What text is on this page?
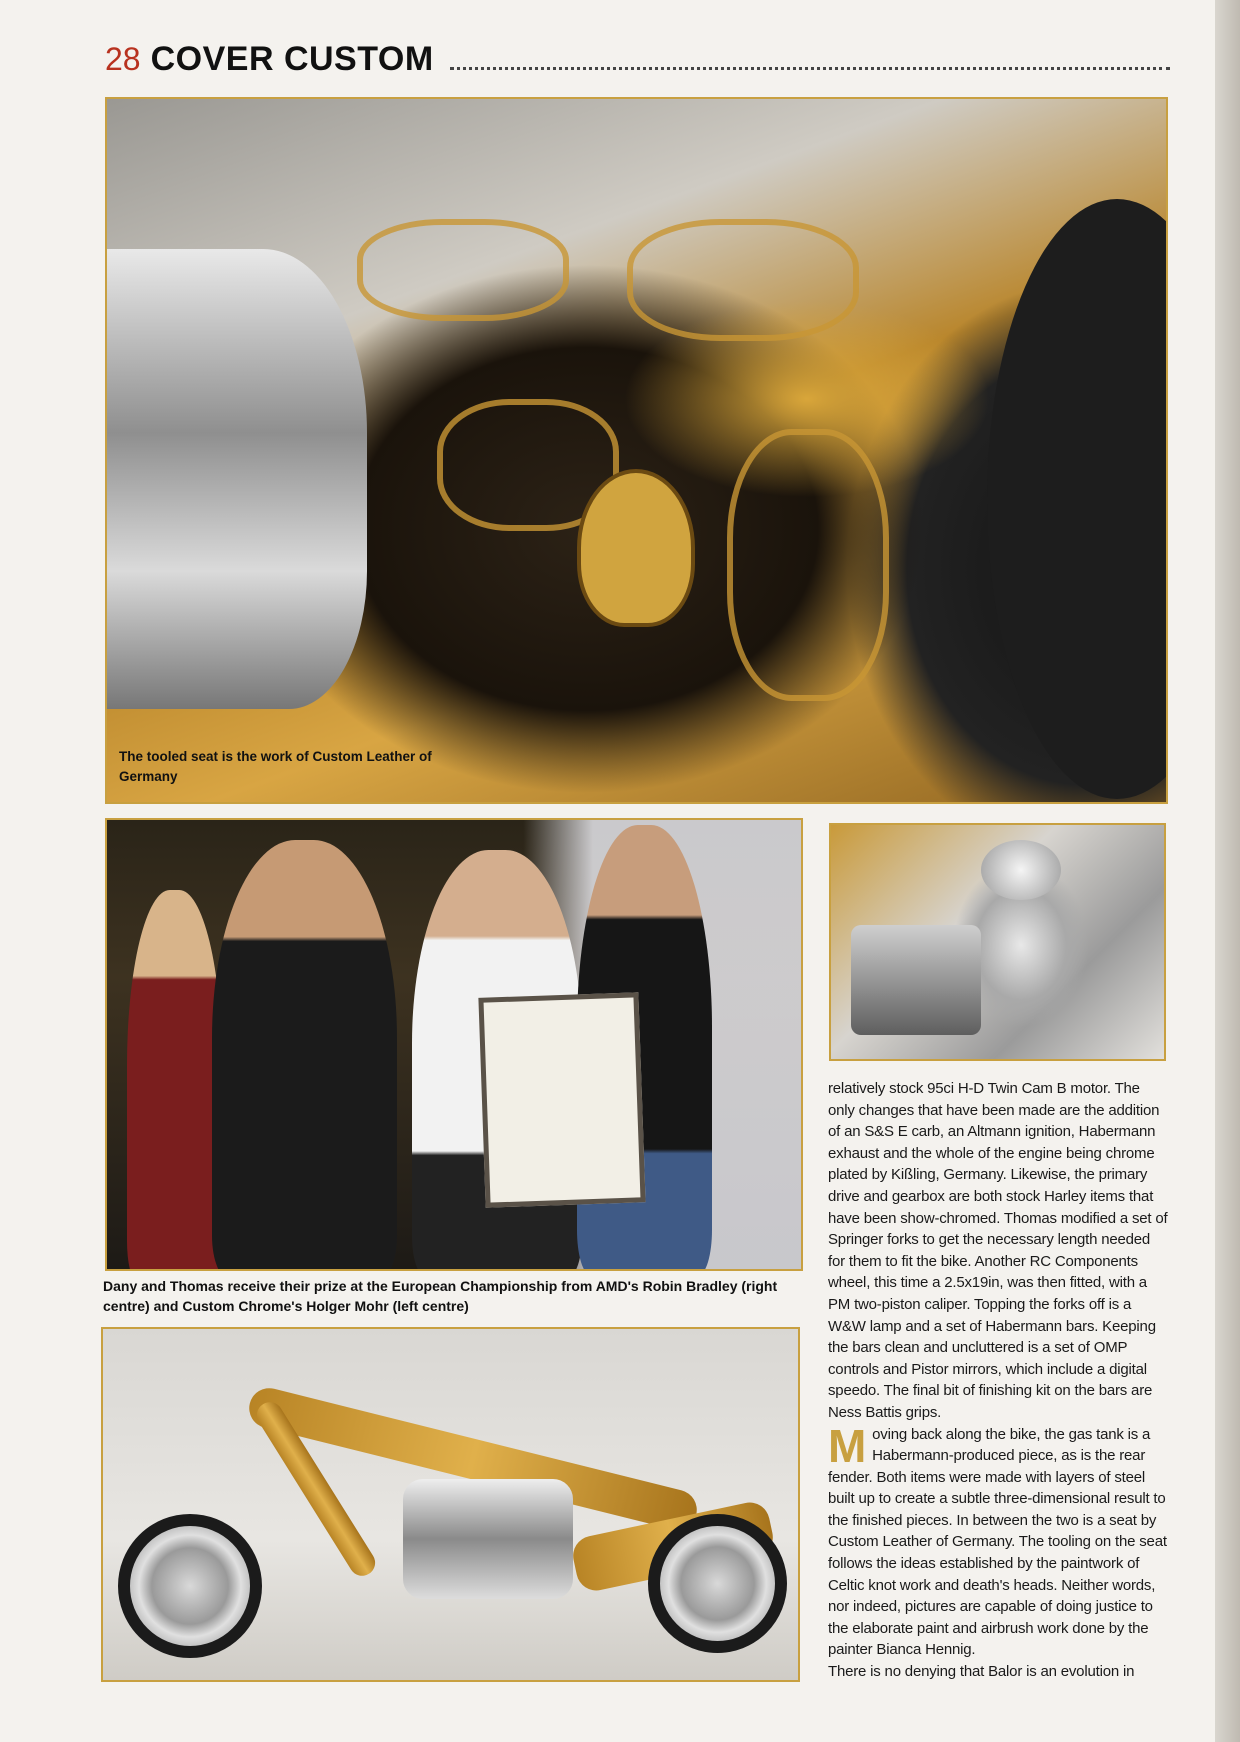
28 COVER CUSTOM
The tooled seat is the work of Custom Leather of Germany
Dany and Thomas receive their prize at the European Championship from AMD's Robin Bradley (right centre) and Custom Chrome's Holger Mohr (left centre)

relatively stock 95ci H-D Twin Cam B motor. The only changes that have been made are the addition of an S&S E carb, an Altmann ignition, Habermann exhaust and the whole of the engine being chrome plated by Kißling, Germany. Likewise, the primary drive and gearbox are both stock Harley items that have been show-chromed. Thomas modified a set of Springer forks to get the necessary length needed for them to fit the bike. Another RC Components wheel, this time a 2.5x19in, was then fitted, with a PM two-piston caliper. Topping the forks off is a W&W lamp and a set of Habermann bars. Keeping the bars clean and uncluttered is a set of OMP controls and Pistor mirrors, which include a digital speedo. The final bit of finishing kit on the bars are Ness Battis grips.

Moving back along the bike, the gas tank is a Habermann-produced piece, as is the rear fender. Both items were made with layers of steel built up to create a subtle three-dimensional result to the finished pieces. In between the two is a seat by Custom Leather of Germany. The tooling on the seat follows the ideas established by the paintwork of Celtic knot work and death's heads. Neither words, nor indeed, pictures are capable of doing justice to the elaborate paint and airbrush work done by the painter Bianca Hennig.

There is no denying that Balor is an evolution in
